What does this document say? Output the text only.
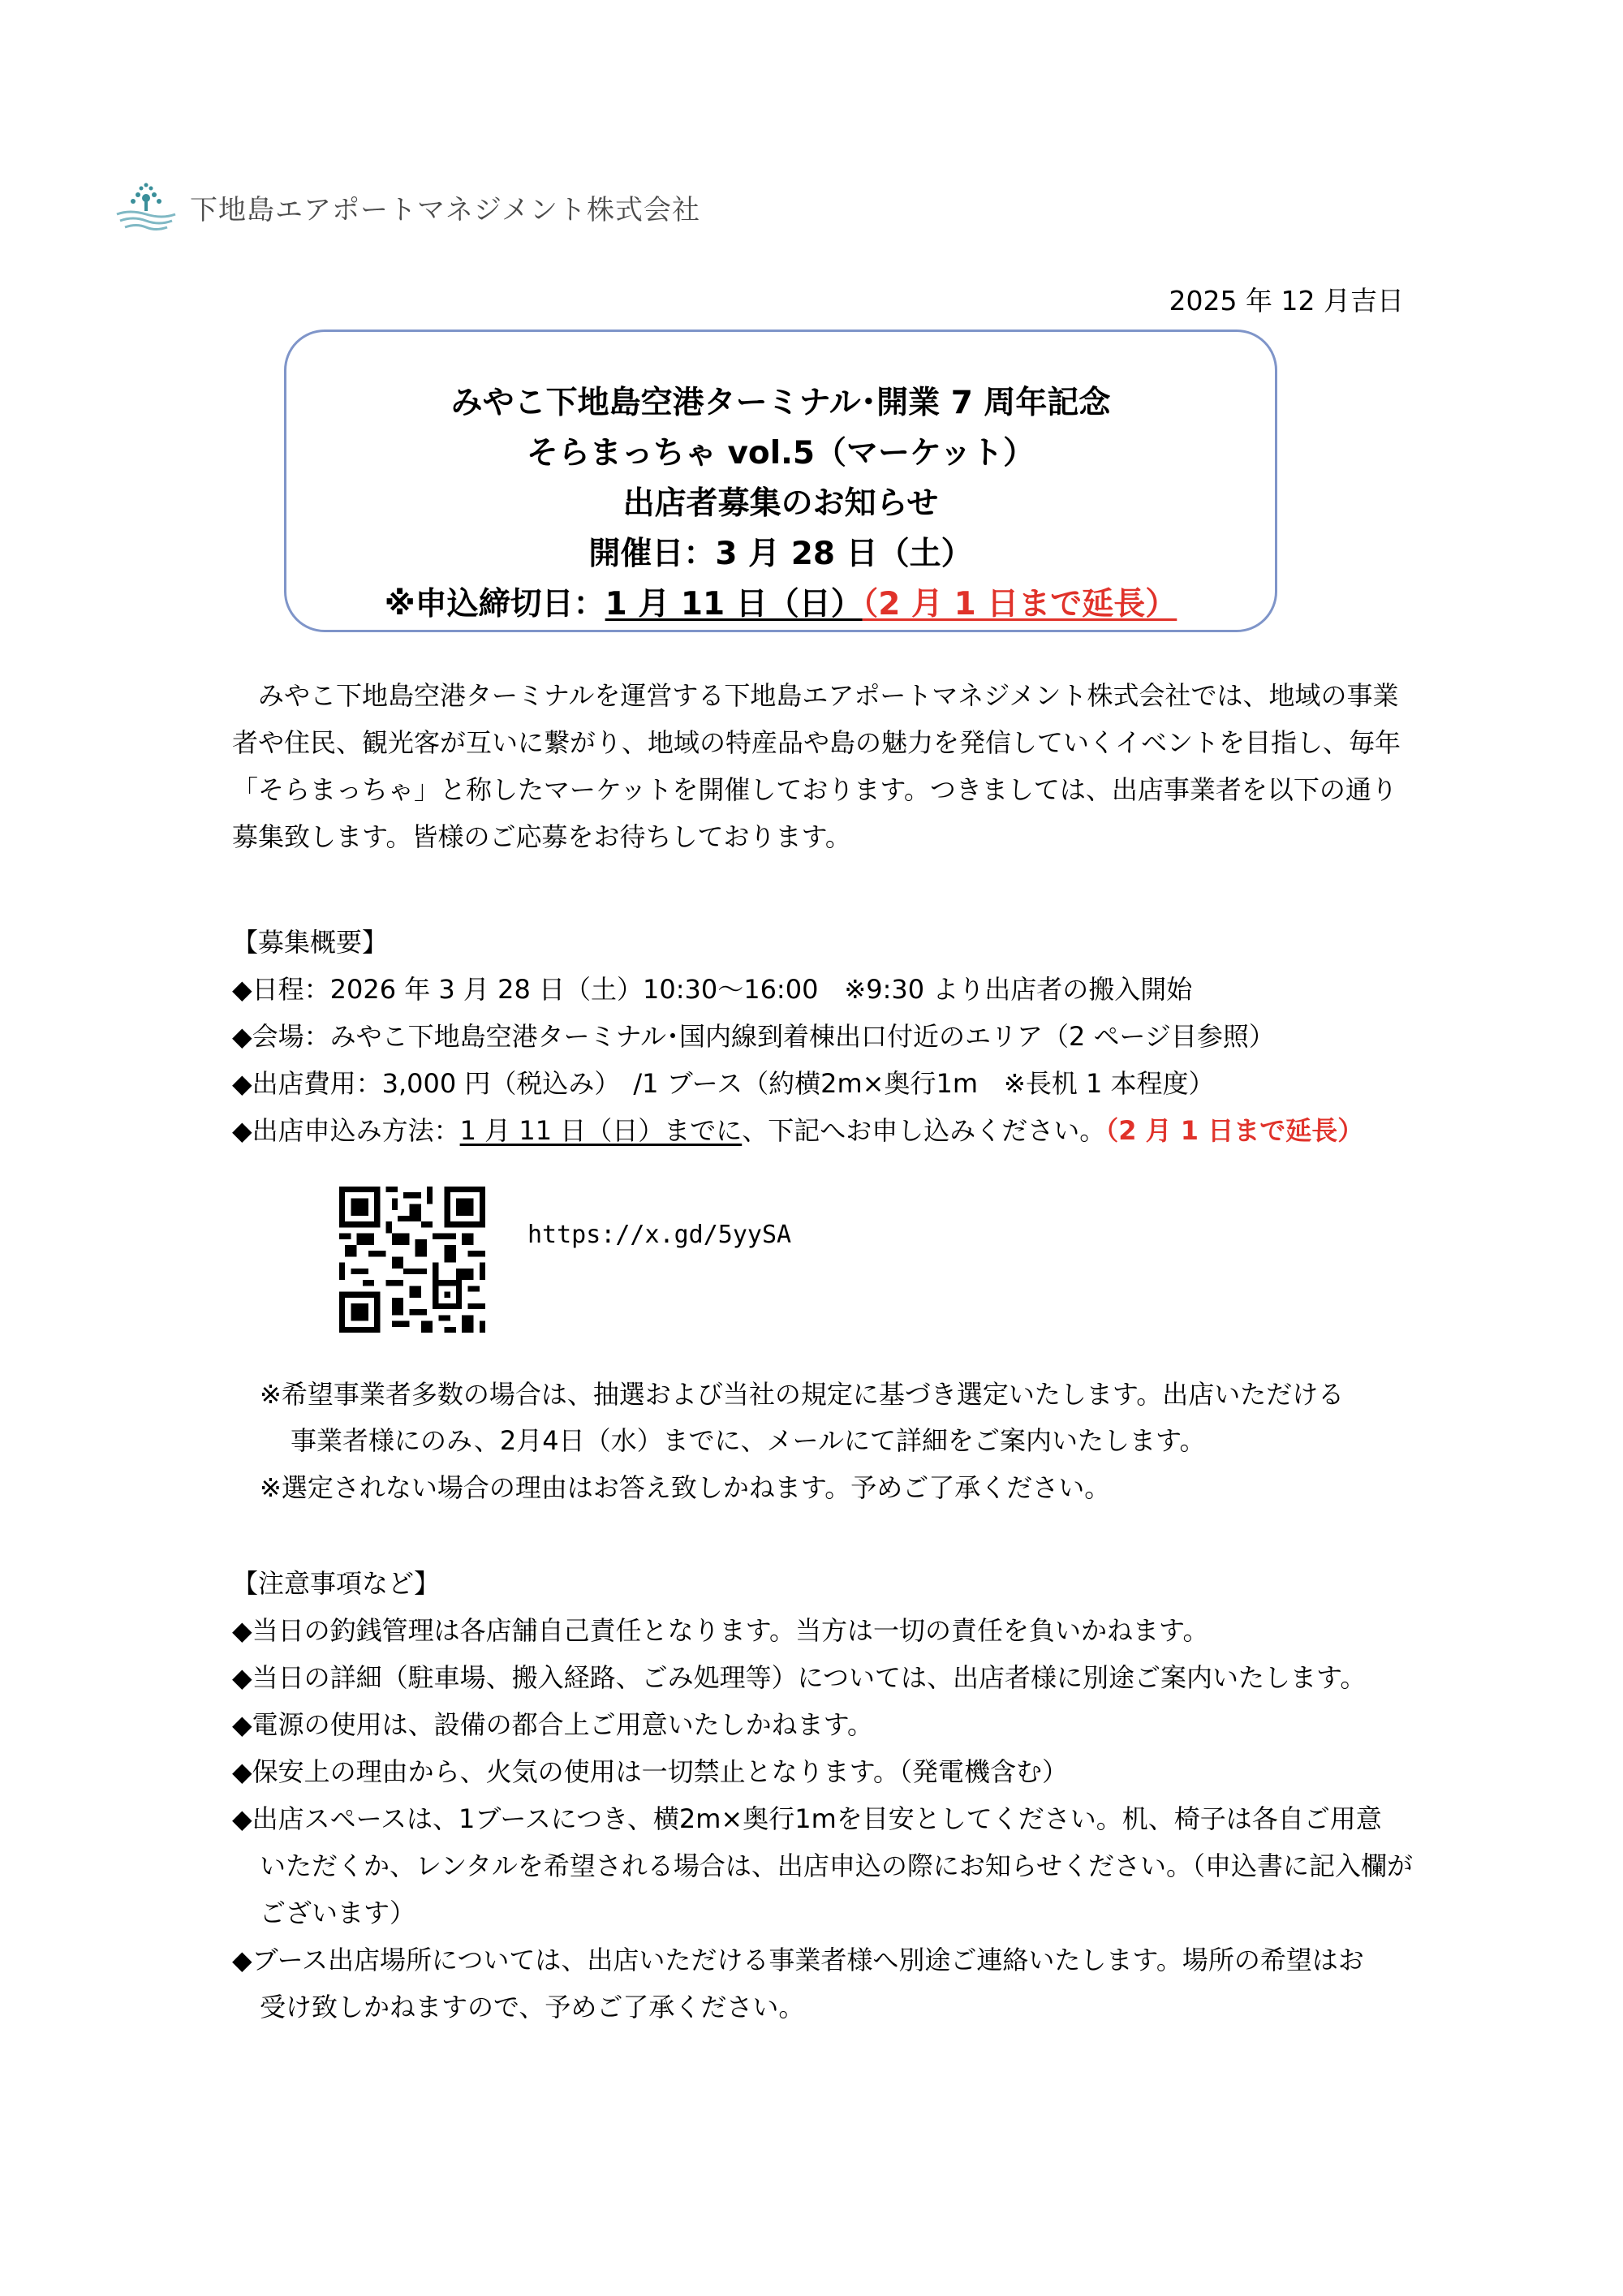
下地島エアポートマネジメント株式会社
2025 年 12 月吉日
みやこ下地島空港ターミナル･開業 7 周年記念
そらまっちゃ vol.5（マーケット）
出店者募集のお知らせ
開催日：3 月 28 日（土）
※申込締切日：1 月 11 日（日）（2 月 1 日まで延長）

みやこ下地島空港ターミナルを運営する下地島エアポートマネジメント株式会社では、地域の事業者や住民、観光客が互いに繋がり、地域の特産品や島の魅力を発信していくイベントを目指し、毎年「そらまっちゃ」と称したマーケットを開催しております。つきましては、出店事業者を以下の通り募集致します。皆様のご応募をお待ちしております。

【募集概要】
◆日程：2026 年 3 月 28 日（土）10:30～16:00　※9:30 より出店者の搬入開始
◆会場：みやこ下地島空港ターミナル･国内線到着棟出口付近のエリア（2 ページ目参照）
◆出店費用：3,000 円（税込み）　/1 ブース（約横2m×奥行1m　※長机 1 本程度）
◆出店申込み方法：1 月 11 日（日）までに、下記へお申し込みください。（2 月 1 日まで延長）
https://x.gd/5yySA
※希望事業者多数の場合は、抽選および当社の規定に基づき選定いたします。出店いただける
事業者様にのみ、2月4日（水）までに、メールにて詳細をご案内いたします。
※選定されない場合の理由はお答え致しかねます。予めご了承ください。
【注意事項など】
◆当日の釣銭管理は各店舗自己責任となります。当方は一切の責任を負いかねます。
◆当日の詳細（駐車場、搬入経路、ごみ処理等）については、出店者様に別途ご案内いたします。
◆電源の使用は、設備の都合上ご用意いたしかねます。
◆保安上の理由から、火気の使用は一切禁止となります。（発電機含む）
◆出店スペースは、1ブースにつき、横2m×奥行1mを目安としてください。机、椅子は各自ご用意
いただくか、レンタルを希望される場合は、出店申込の際にお知らせください。（申込書に記入欄が
ございます）
◆ブース出店場所については、出店いただける事業者様へ別途ご連絡いたします。場所の希望はお
受け致しかねますので、予めご了承ください。
